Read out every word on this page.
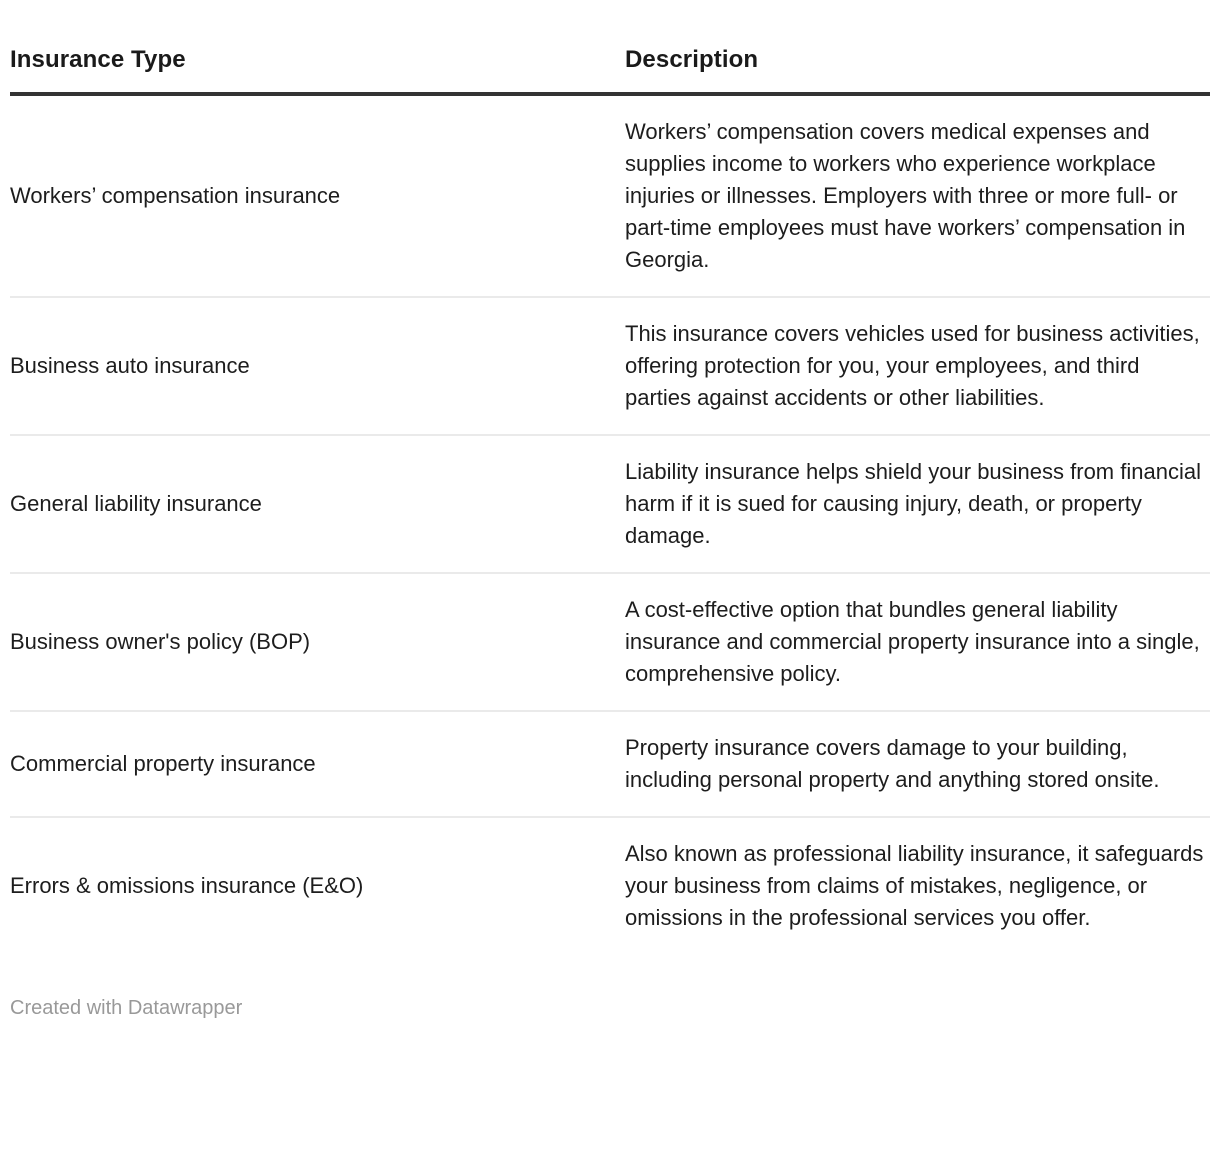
Insurance Type	Description
Workers’ compensation insurance
Workers’ compensation covers medical expenses and supplies income to workers who experience workplace injuries or illnesses. Employers with three or more full- or part-time employees must have workers’ compensation in Georgia.
Business auto insurance
This insurance covers vehicles used for business activities, offering protection for you, your employees, and third parties against accidents or other liabilities.
General liability insurance
Liability insurance helps shield your business from financial harm if it is sued for causing injury, death, or property damage.
Business owner's policy (BOP)
A cost-effective option that bundles general liability insurance and commercial property insurance into a single, comprehensive policy.
Commercial property insurance
Property insurance covers damage to your building, including personal property and anything stored onsite.
Errors & omissions insurance (E&O)
Also known as professional liability insurance, it safeguards your business from claims of mistakes, negligence, or omissions in the professional services you offer.
Created with Datawrapper
